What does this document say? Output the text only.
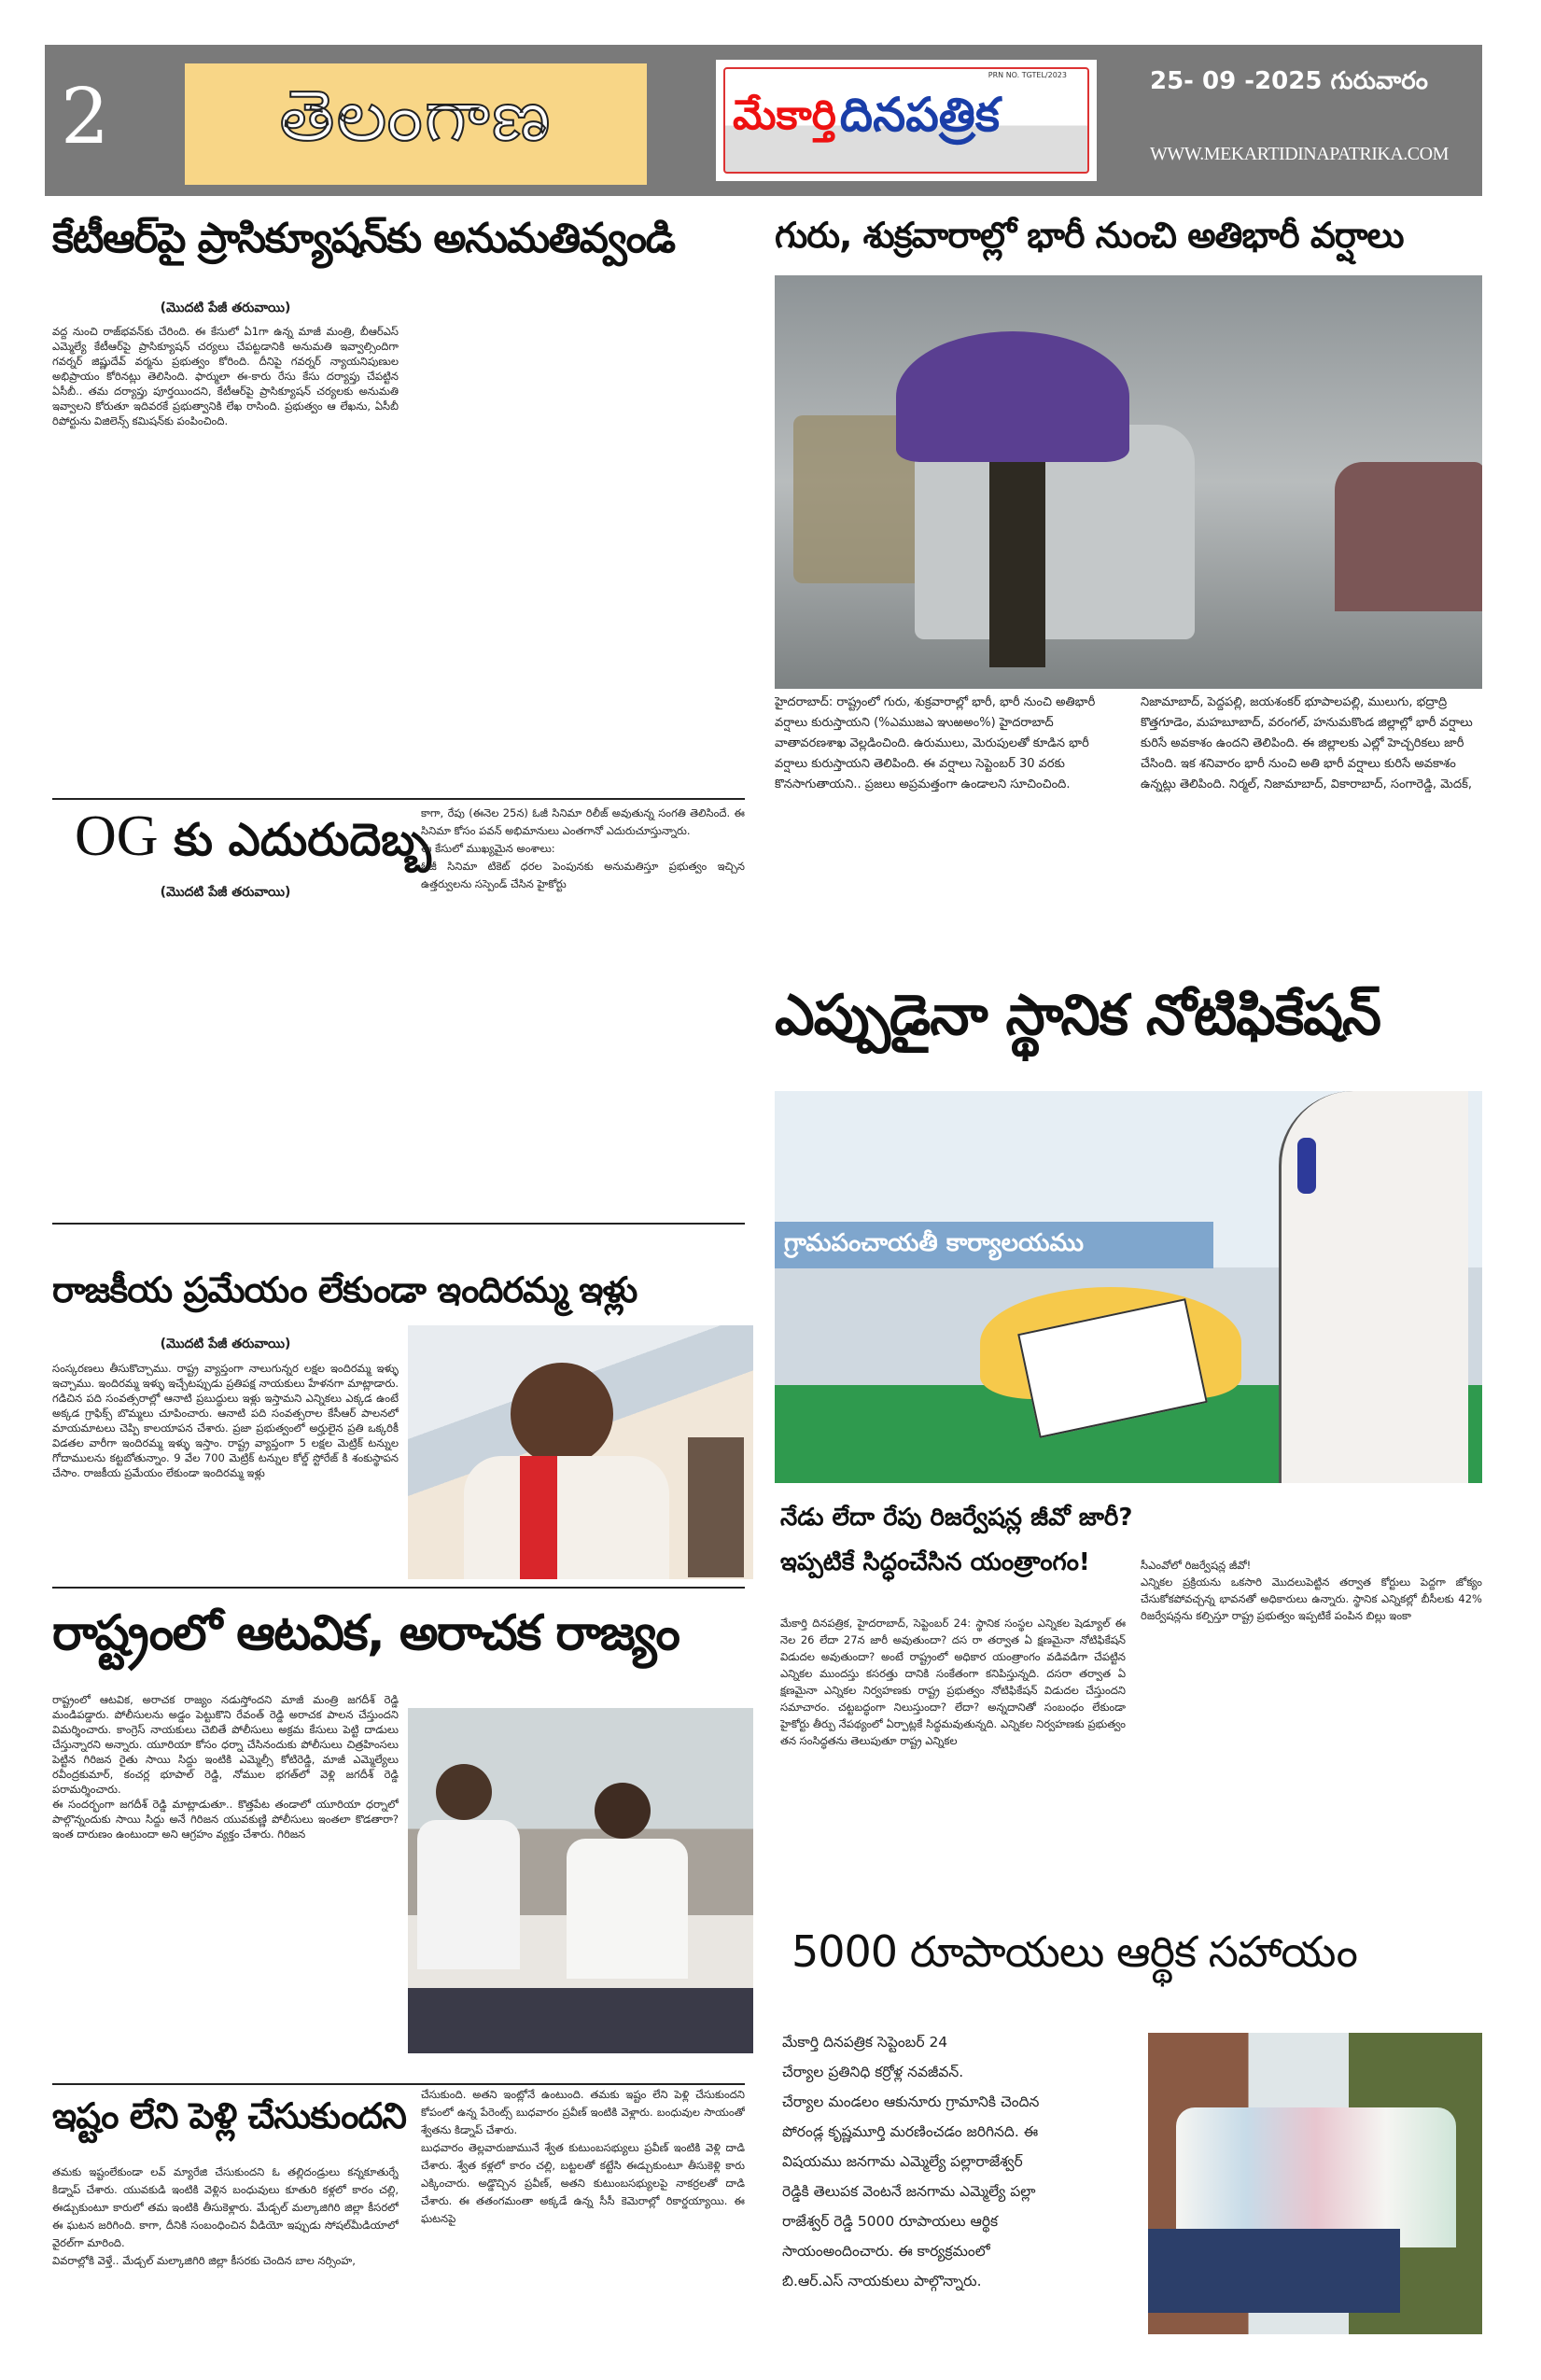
2 తెలంగాణ	మేకార్తి దినపత్రిక
PRN NO. TGTEL/2023	25- 09 -2025 గురువారం
WWW.MEKARTIDINAPATRIKA.COM
కేటీఆర్‌పై ప్రాసిక్యూషన్‌కు అనుమతివ్వండి
(మొదటి పేజీ తరువాయి)

వద్ద నుంచి రాజ్‌భవన్‌కు చేరింది. ఈ కేసులో ఏ1గా ఉన్న మాజీ మంత్రి, బీఆర్ఎస్ ఎమ్మెల్యే కేటీఆర్‌పై ప్రాసిక్యూషన్ చర్యలు చేపట్టడానికి అనుమతి ఇవ్వాల్సిందిగా గవర్నర్ జిష్ణుదేవ్ వర్మను ప్రభుత్వం కోరింది. దీనిపై గవర్నర్ న్యాయనిపుణుల అభిప్రాయం కోరినట్లు తెలిసింది. ఫార్ములా ఈ-కారు రేసు కేసు దర్యాప్తు చేపట్టిన ఏసీబీ.. తమ దర్యాప్తు పూర్తయిందని, కేటీఆర్‌పై ప్రాసిక్యూషన్ చర్యలకు అనుమతి ఇవ్వాలని కోరుతూ ఇదివరకే ప్రభుత్వానికి లేఖ రాసింది. ప్రభుత్వం ఆ లేఖను, ఏసీబీ రిపోర్టును విజిలెన్స్ కమిషన్‌కు పంపించింది.

OG కు ఎదురుదెబ్బ
(మొదటి పేజీ తరువాయి)

కాగా, రేపు (ఈనెల 25న) ఓజీ సినిమా రిలీజ్ అవుతున్న సంగతి తెలిసిందే. ఈ సినిమా కోసం పవన్ అభిమానులు ఎంతగానో ఎదురుచూస్తున్నారు.

ఈ కేసులో ముఖ్యమైన అంశాలు:

ఓజీ సినిమా టికెట్ ధరల పెంపునకు అనుమతిస్తూ ప్రభుత్వం ఇచ్చిన ఉత్తర్వులను సస్పెండ్ చేసిన హైకోర్టు

రాజకీయ ప్రమేయం లేకుండా ఇందిరమ్మ ఇళ్లు
(మొదటి పేజీ తరువాయి)

సంస్కరణలు తీసుకొచ్చాము. రాష్ట్ర వ్యాప్తంగా నాలుగున్నర లక్షల ఇందిరమ్మ ఇళ్ళు ఇచ్చాము. ఇందిరమ్మ ఇళ్ళు ఇచ్చేటప్పుడు ప్రతిపక్ష నాయకులు హేళనగా మాట్లాడారు. గడిచిన పది సంవత్సరాల్లో ఆనాటి ప్రబుద్ధులు ఇళ్లు ఇస్తామని ఎన్నికలు ఎక్కడ ఉంటే అక్కడ గ్రాఫిక్స్ బొమ్మలు చూపించారు. ఆనాటి పది సంవత్సరాల కేసీఆర్ పాలనలో మాయమాటలు చెప్పి కాలయాపన చేశారు. ప్రజా ప్రభుత్వంలో అర్హులైన ప్రతి ఒక్కరికీ విడతల వారీగా ఇందిరమ్మ ఇళ్ళు ఇస్తాం. రాష్ట్ర వ్యాప్తంగా 5 లక్షల మెట్రిక్ టన్నుల గోదాములను కట్టబోతున్నాం. 9 వేల 700 మెట్రిక్ టన్నుల కోల్డ్ స్టోరేజ్ కి శంకుస్థాపన చేసాం. రాజకీయ ప్రమేయం లేకుండా ఇందిరమ్మ ఇళ్లు

రాష్ట్రంలో ఆటవిక, అరాచక రాజ్యం

రాష్ట్రంలో ఆటవిక, అరాచక రాజ్యం నడుస్తోందని మాజీ మంత్రి జగదీశ్ రెడ్డి మండిపడ్డారు. పోలీసులను అడ్డం పెట్టుకొని రేవంత్ రెడ్డి అరాచక పాలన చేస్తుందని విమర్శించారు. కాంగ్రెస్ నాయకులు చెబితే పోలీసులు అక్రమ కేసులు పెట్టి దాడులు చేస్తున్నారని అన్నారు. యూరియా కోసం ధర్నా చేసినందుకు పోలీసులు చిత్రహింసలు పెట్టిన గిరిజన రైతు సాయి సిద్దు ఇంటికి ఎమ్మెల్సీ కోటిరెడ్డి, మాజీ ఎమ్మెల్యేలు రవీంద్రకుమార్, కంచర్ల భూపాల్ రెడ్డి, నోముల భగత్‌లో వెళ్లి జగదీశ్ రెడ్డి పరామర్శించారు.

ఈ సందర్భంగా జగదీశ్ రెడ్డి మాట్లాడుతూ.. కొత్తపేట తండాలో యూరియా ధర్నాలో పాల్గొన్నందుకు సాయి సిద్దు అనే గిరిజన యువకుణ్ణి పోలీసులు ఇంతలా కొడతారా? ఇంత దారుణం ఉంటుందా అని ఆగ్రహం వ్యక్తం చేశారు. గిరిజన

ఇష్టం లేని పెళ్లి చేసుకుందని

తమకు ఇష్టంలేకుండా లవ్ మ్యారేజి చేసుకుందని ఓ తల్లిదండ్రులు కన్నకూతుర్నే కిడ్నాప్ చేశారు. యువకుడి ఇంటికి వెళ్లిన బంధువులు కూతురి కళ్లలో కారం చల్లి, ఈడ్చుకుంటూ కారులో తమ ఇంటికి తీసుకెళ్లారు. మేడ్చల్ మల్కాజిగిరి జిల్లా కీసరలో ఈ ఘటన జరిగింది. కాగా, దీనికి సంబంధించిన వీడియో ఇప్పుడు సోషల్‌మీడియాలో వైరల్‌గా మారింది.

వివరాల్లోకి వెళ్తే.. మేడ్చల్ మల్కాజిగిరి జిల్లా కీసరకు చెందిన బాల నర్సింహ,

చేసుకుంది. అతని ఇంట్లోనే ఉంటుంది. తమకు ఇష్టం లేని పెళ్లి చేసుకుందని కోపంలో ఉన్న పేరెంట్స్ బుధవారం ప్రవీణ్ ఇంటికి వెళ్లారు. బంధువుల సాయంతో శ్వేతను కిడ్నాప్ చేశారు.

బుధవారం తెల్లవారుజామునే శ్వేత కుటుంబసభ్యులు ప్రవీణ్ ఇంటికి వెళ్లి దాడి చేశారు. శ్వేత కళ్లలో కారం చల్లి, బట్టలతో కట్టేసి ఈడ్చుకుంటూ తీసుకెళ్లి కారు ఎక్కించారు. అడ్డొచ్చిన ప్రవీణ్, అతని కుటుంబసభ్యులపై నాకర్రలతో దాడి చేశారు. ఈ తతంగమంతా అక్కడే ఉన్న సీసీ కెమెరాల్లో రికార్డయ్యాయి. ఈ ఘటనపై

గురు, శుక్రవారాల్లో భారీ నుంచి అతిభారీ వర్షాలు

హైదరాబాద్: రాష్ట్రంలో గురు, శుక్రవారాల్లో భారీ, భారీ నుంచి అతిభారీ వర్షాలు కురుస్తాయని (%ఎముజఎ ఞుఱఅం%) హైదరాబాద్ వాతావరణశాఖ వెల్లడించింది. ఉరుములు, మెరుపులతో కూడిన భారీ వర్షాలు కురుస్తాయని తెలిపింది. ఈ వర్షాలు సెప్టెంబర్ 30 వరకు కొనసాగుతాయని.. ప్రజలు అప్రమత్తంగా ఉండాలని సూచించింది.

నిజామాబాద్, పెద్దపల్లి, జయశంకర్ భూపాలపల్లి, ములుగు, భద్రాద్రి కొత్తగూడెం, మహబూబాద్, వరంగల్, హనుమకొండ జిల్లాల్లో భారీ వర్షాలు కురిసే అవకాశం ఉందని తెలిపింది. ఈ జిల్లాలకు ఎల్లో హెచ్చరికలు జారీ చేసింది. ఇక శనివారం భారీ నుంచి అతి భారీ వర్షాలు కురిసే అవకాశం ఉన్నట్లు తెలిపింది. నిర్మల్, నిజామాబాద్, వికారాబాద్, సంగారెడ్డి, మెదక్,

ఎప్పుడైనా స్థానిక నోటిఫికేషన్
గ్రామపంచాయతీ కార్యాలయము
నేడు లేదా రేపు రిజర్వేషన్ల జీవో జారీ?
ఇప్పటికే సిద్ధంచేసిన యంత్రాంగం!

మేకార్తి దినపత్రిక, హైదరాబాద్, సెప్టెంబర్ 24: స్థానిక సంస్థల ఎన్నికల షెడ్యూల్ ఈ నెల 26 లేదా 27న జారీ అవుతుందా? దస రా తర్వాత ఏ క్షణమైనా నోటిఫికేషన్ విడుదల అవుతుందా? అంటే రాష్ట్రంలో అధికార యంత్రాంగం వడివడిగా చేపట్టిన ఎన్నికల ముందస్తు కసరత్తు దానికి సంకేతంగా కనిపిస్తున్నది. దసరా తర్వాత ఏ క్షణమైనా ఎన్నికల నిర్వహణకు రాష్ట్ర ప్రభుత్వం నోటిఫికేషన్ విడుదల చేస్తుందని సమాచారం. చట్టబద్ధంగా నిలుస్తుందా? లేదా? అన్నదానితో సంబంధం లేకుండా హైకోర్టు తీర్పు నేపథ్యంలో ఏర్పాట్లకే సిద్ధమవుతున్నది. ఎన్నికల నిర్వహణకు ప్రభుత్వం తన సంసిద్ధతను తెలుపుతూ రాష్ట్ర ఎన్నికల

సీఎంవోలో రిజర్వేషన్ల జీవో!

ఎన్నికల ప్రక్రియను ఒకసారి మొదలుపెట్టిన తర్వాత కోర్టులు పెద్దగా జోక్యం చేసుకోకపోవచ్చన్న భావనతో అధికారులు ఉన్నారు. స్థానిక ఎన్నికల్లో బీసీలకు 42% రిజర్వేషన్లను కల్పిస్తూ రాష్ట్ర ప్రభుత్వం ఇప్పటికే పంపిన బిల్లు ఇంకా

5000 రూపాయలు ఆర్థిక సహాయం
మేకార్తి దినపత్రిక సెప్టెంబర్ 24
చేర్యాల ప్రతినిధి కర్రోళ్ల నవజీవన్.
చేర్యాల మండలం ఆకునూరు గ్రామానికి చెందిన
పోరండ్ల కృష్ణమూర్తి మరణించడం జరిగినది. ఈ
విషయము జనగామ ఎమ్మెల్యే పల్లారాజేశ్వర్
రెడ్డికి తెలుపక వెంటనే జనగామ ఎమ్మెల్యే పల్లా
రాజేశ్వర్ రెడ్డి 5000 రూపాయలు ఆర్థిక
సాయంఅందించారు. ఈ కార్యక్రమంలో
బి.ఆర్.ఎస్ నాయకులు పాల్గొన్నారు.
